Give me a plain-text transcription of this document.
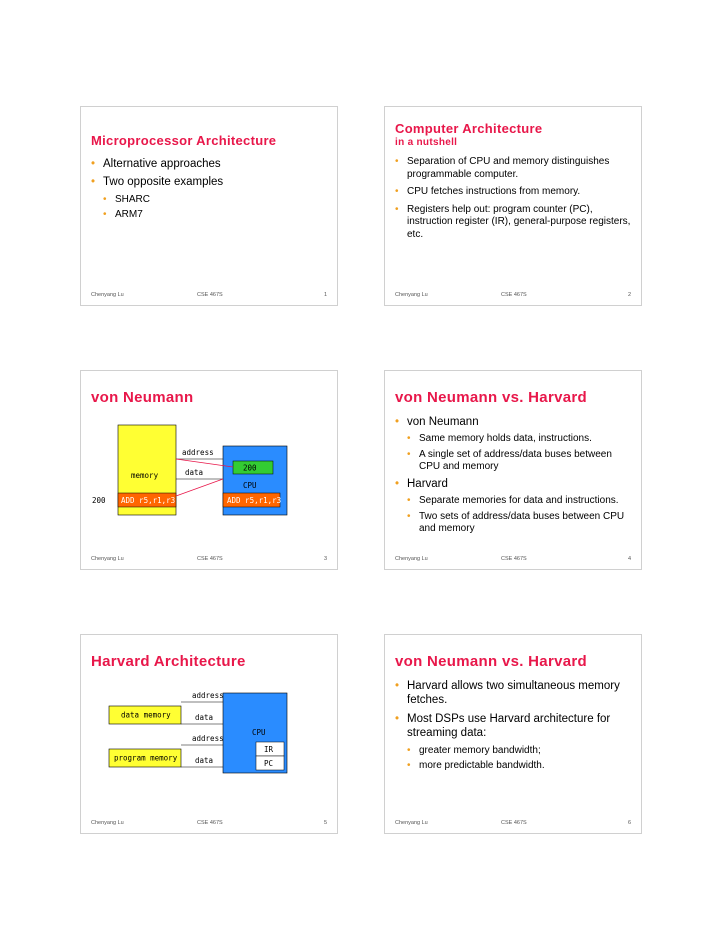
Microprocessor Architecture
• Alternative approaches
• Two opposite examples
• SHARC
• ARM7
Chenyang Lu	CSE 467S	1
Computer Architecture
in a nutshell
• Separation of CPU and memory distinguishes programmable computer.
• CPU fetches instructions from memory.
• Registers help out: program counter (PC), instruction register (IR), general-purpose registers, etc.
Chenyang Lu	CSE 467S	2
von Neumann
address
data
memory
CPU
200
200 ADD r5,r1,r3	ADD r5,r1,r3
Chenyang Lu	CSE 467S	3
von Neumann vs. Harvard
• von Neumann
• Same memory holds data, instructions.
• A single set of address/data buses between CPU and memory
• Harvard
• Separate memories for data and instructions.
• Two sets of address/data buses between CPU and memory
Chenyang Lu	CSE 467S	4
Harvard Architecture
address
data
address
data
data memory
program memory
CPU
IR
PC
Chenyang Lu	CSE 467S	5
von Neumann vs. Harvard
• Harvard allows two simultaneous memory fetches.
• Most DSPs use Harvard architecture for streaming data:
• greater memory bandwidth;
• more predictable bandwidth.
Chenyang Lu	CSE 467S	6
